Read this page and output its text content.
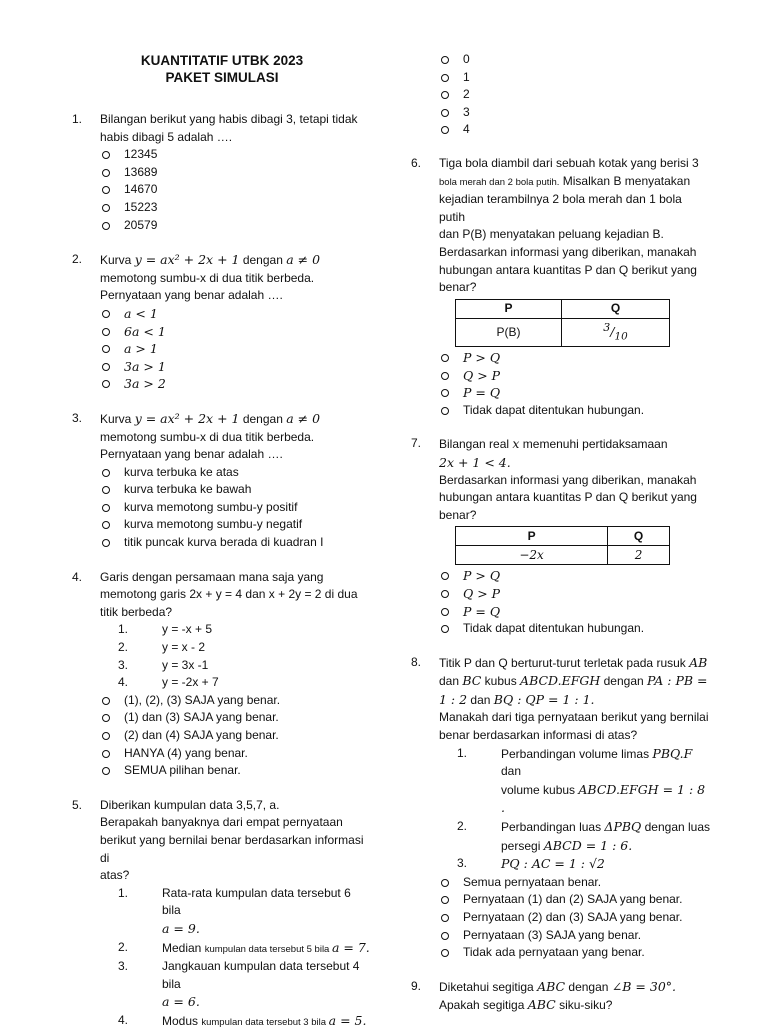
KUANTITATIF UTBK 2023
PAKET SIMULASI
1. Bilangan berikut yang habis dibagi 3, tetapi tidak
habis dibagi 5 adalah ….
12345
13689
14670
15223
20579
2. Kurva y = ax² + 2x + 1 dengan a ≠ 0
memotong sumbu-x di dua titik berbeda.
Pernyataan yang benar adalah ….
a < 1
6a < 1
a > 1
3a > 1
3a > 2
3. Kurva y = ax² + 2x + 1 dengan a ≠ 0
memotong sumbu-x di dua titik berbeda.
Pernyataan yang benar adalah ….
kurva terbuka ke atas
kurva terbuka ke bawah
kurva memotong sumbu-y positif
kurva memotong sumbu-y negatif
titik puncak kurva berada di kuadran I
4. Garis dengan persamaan mana saja yang
memotong garis 2x + y = 4 dan x + 2y = 2 di dua
titik berbeda?
1.	y = -x + 5
2.	y = x - 2
3.	y = 3x -1
4.	y = -2x + 7
(1), (2), (3) SAJA yang benar.
(1) dan (3) SAJA yang benar.
(2) dan (4) SAJA yang benar.
HANYA (4) yang benar.
SEMUA pilihan benar.
5. Diberikan kumpulan data 3,5,7, a.
Berapakah banyaknya dari empat pernyataan
berikut yang bernilai benar berdasarkan informasi di
atas?
1.	Rata-rata kumpulan data tersebut 6 bila
a = 9.
2.	Median kumpulan data tersebut 5 bila a = 7.
3.	Jangkauan kumpulan data tersebut 4 bila
a = 6.
4.	Modus kumpulan data tersebut 3 bila a = 5.
0
1
2
3
4
6. Tiga bola diambil dari sebuah kotak yang berisi 3
bola merah dan 2 bola putih. Misalkan B menyatakan
kejadian terambilnya 2 bola merah dan 1 bola putih
dan P(B) menyatakan peluang kejadian B.
Berdasarkan informasi yang diberikan, manakah
hubungan antara kuantitas P dan Q berikut yang
benar?
P	Q
P(B)	$^3/_{10}$
P > Q
Q > P
P = Q
Tidak dapat ditentukan hubungan.
7. Bilangan real x memenuhi pertidaksamaan
2x + 1 < 4.
Berdasarkan informasi yang diberikan, manakah
hubungan antara kuantitas P dan Q berikut yang
benar?
P	Q
−2x	2
P > Q
Q > P
P = Q
Tidak dapat ditentukan hubungan.
8. Titik P dan Q berturut-turut terletak pada rusuk AB
dan BC kubus ABCD.EFGH dengan PA : PB =
1 : 2 dan BQ : QP = 1 : 1.
Manakah dari tiga pernyataan berikut yang bernilai
benar berdasarkan informasi di atas?
1.	Perbandingan volume limas PBQ.F dan
volume kubus ABCD.EFGH = 1 : 8 .
2.	Perbandingan luas ΔPBQ dengan luas
persegi ABCD = 1 : 6.
3.	PQ : AC = 1 : √2
Semua pernyataan benar.
Pernyataan (1) dan (2) SAJA yang benar.
Pernyataan (2) dan (3) SAJA yang benar.
Pernyataan (3) SAJA yang benar.
Tidak ada pernyataan yang benar.
9. Diketahui segitiga ABC dengan ∠B = 30°.
Apakah segitiga ABC siku-siku?
